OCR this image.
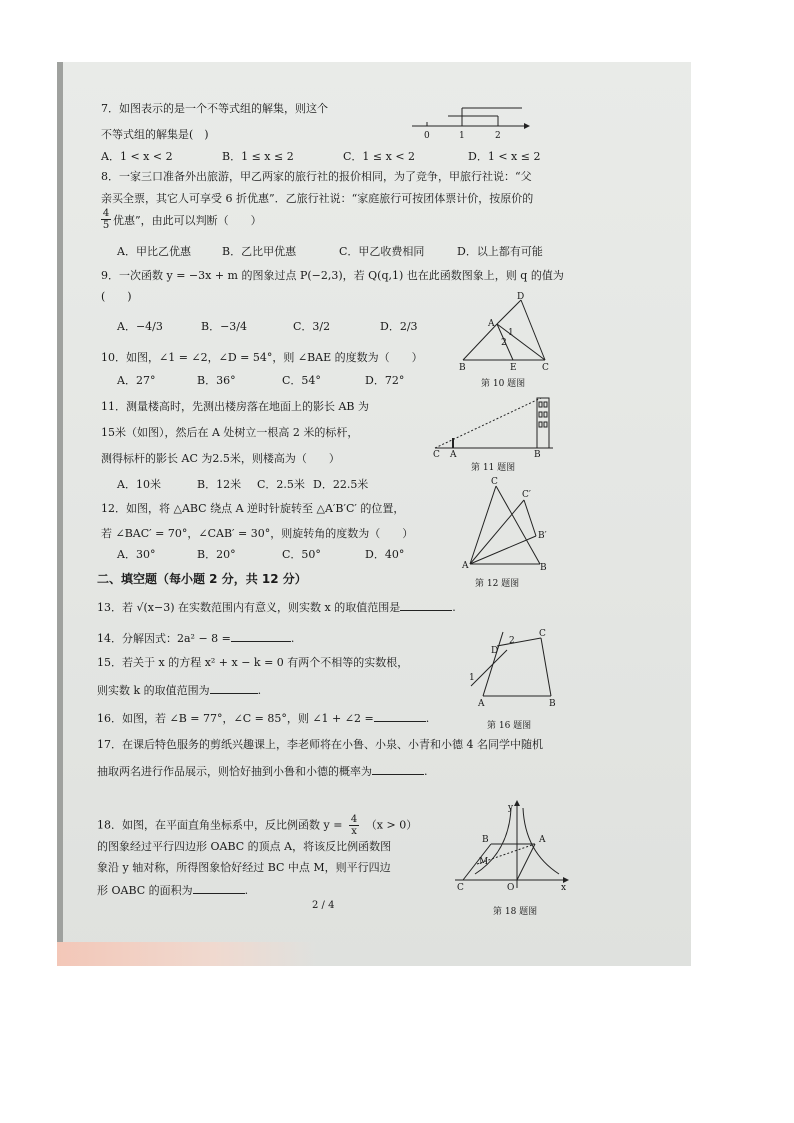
7．如图表示的是一个不等式组的解集，则这个
不等式组的解集是(　)	0	1	2
A．1 < x < 2	B．1 ≤ x ≤ 2	C．1 ≤ x < 2	D．1 < x ≤ 2
8．一家三口准备外出旅游，甲乙两家的旅行社的报价相同，为了竞争，甲旅行社说：“父
亲买全票，其它人可享受 6 折优惠”．乙旅行社说：“家庭旅行可按团体票计价，按原价的
$\frac{4}{5}$ 优惠”，由此可以判断（　　）
A．甲比乙优惠	B．乙比甲优惠	C．甲乙收费相同	D．以上都有可能
9．一次函数 y = −3x + m 的图象过点 P(−2,3)，若 Q(q,1) 也在此函数图象上，则 q 的值为
(　　)
A．−4/3	B．−3/4	C．3/2	D．2/3
D
A
1
2
B	E	C
第 10 题图
10．如图，∠1 = ∠2，∠D = 54°，则 ∠BAE 的度数为（　　）
A．27°	B．36°	C．54°	D．72°
11．测量楼高时，先测出楼房落在地面上的影长 AB 为
15米（如图），然后在 A 处树立一根高 2 米的标杆，
测得标杆的影长 AC 为2.5米，则楼高为（　　）	C A	B
第 11 题图
A．10米	B．12米 C．2.5米 D．22.5米
12．如图，将 △ABC 绕点 A 逆时针旋转至 △A′B′C′ 的位置，
若 ∠BAC′ = 70°，∠CAB′ = 30°，则旋转角的度数为（　　）
C
C′
B′
A	B
第 12 题图
A．30°	B．20°	C．50°	D．40°
二、填空题（每小题 2 分，共 12 分）
13．若 √(x−3) 在实数范围内有意义，则实数 x 的取值范围是	.
14．分解因式：2a² − 8 =	.
15．若关于 x 的方程 x² + x − k = 0 有两个不相等的实数根，
则实数 k 的取值范围为	.
D
2
C
1
A	B
第 16 题图
16．如图，若 ∠B = 77°，∠C = 85°，则 ∠1 + ∠2 =	.
17．在课后特色服务的剪纸兴趣课上，李老师将在小鲁、小泉、小青和小德 4 名同学中随机
抽取两名进行作品展示，则恰好抽到小鲁和小德的概率为	.
18．如图，在平面直角坐标系中，反比例函数 $y = \frac{4}{x} (x > 0)$
的图象经过平行四边形 OABC 的顶点 A，将该反比例函数图
象沿 y 轴对称，所得图象恰好经过 BC 中点 M，则平行四边
形 OABC 的面积为	.
y
B	A
M
C	O	x
第 18 题图
2 / 4
